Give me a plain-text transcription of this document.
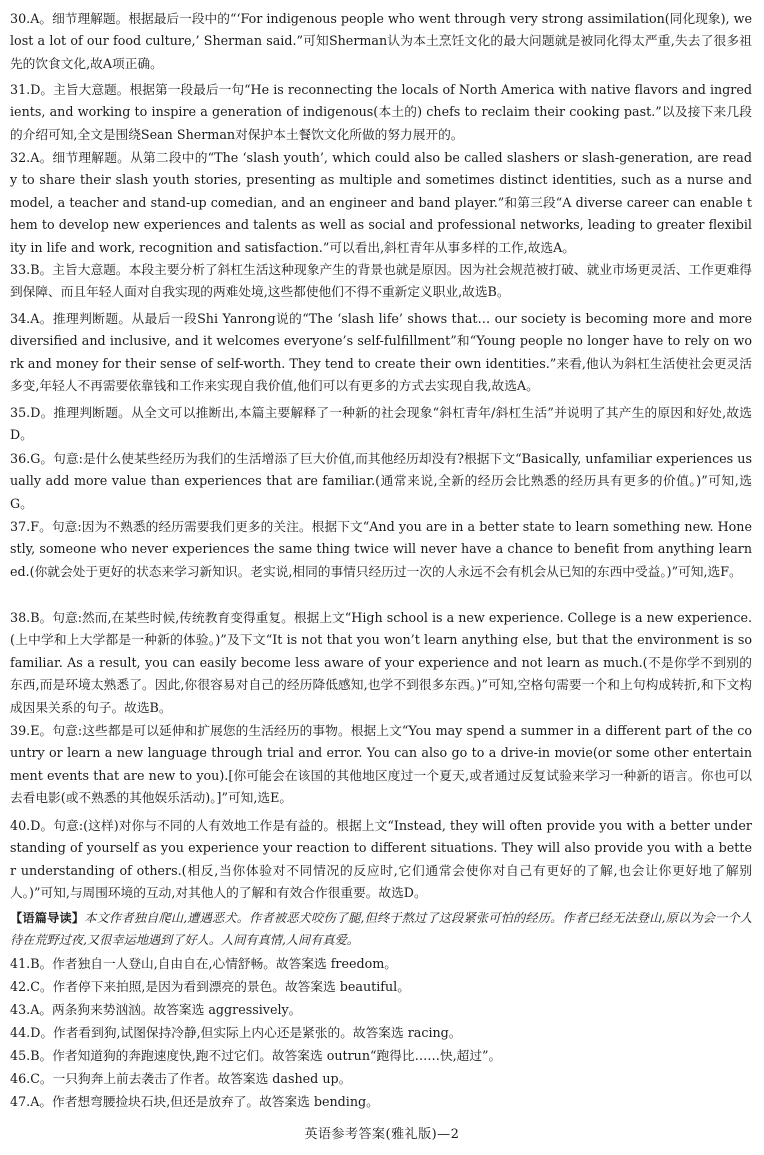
30.A。细节理解题。根据最后一段中的“‘For indigenous people who went through very strong assimilation(同化现象), we lost a lot of our food culture,’ Sherman said.”可知Sherman认为本土烹饪文化的最大问题就是被同化得太严重,失去了很多祖先的饮食文化,故A项正确。
31.D。主旨大意题。根据第一段最后一句“He is reconnecting the locals of North America with native flavors and ingredients, and working to inspire a generation of indigenous(本土的) chefs to reclaim their cooking past.”以及接下来几段的介绍可知,全文是围绕Sean Sherman对保护本土餐饮文化所做的努力展开的。
32.A。细节理解题。从第二段中的“The ‘slash youth’, which could also be called slashers or slash-generation, are ready to share their slash youth stories, presenting as multiple and sometimes distinct identities, such as a nurse and model, a teacher and stand-up comedian, and an engineer and band player.”和第三段“A diverse career can enable them to develop new experiences and talents as well as social and professional networks, leading to greater flexibility in life and work, recognition and satisfaction.”可以看出,斜杠青年从事多样的工作,故选A。
33.B。主旨大意题。本段主要分析了斜杠生活这种现象产生的背景也就是原因。因为社会规范被打破、就业市场更灵活、工作更难得到保障、而且年轻人面对自我实现的两难处境,这些都使他们不得不重新定义职业,故选B。
34.A。推理判断题。从最后一段Shi Yanrong说的“The ‘slash life’ shows that… our society is becoming more and more diversified and inclusive, and it welcomes everyone’s self-fulfillment”和“Young people no longer have to rely on work and money for their sense of self-worth. They tend to create their own identities.”来看,他认为斜杠生活使社会更灵活多变,年轻人不再需要依靠钱和工作来实现自我价值,他们可以有更多的方式去实现自我,故选A。
35.D。推理判断题。从全文可以推断出,本篇主要解释了一种新的社会现象“斜杠青年/斜杠生活”并说明了其产生的原因和好处,故选D。
36.G。句意:是什么使某些经历为我们的生活增添了巨大价值,而其他经历却没有?根据下文“Basically, unfamiliar experiences usually add more value than experiences that are familiar.(通常来说,全新的经历会比熟悉的经历具有更多的价值。)”可知,选G。
37.F。句意:因为不熟悉的经历需要我们更多的关注。根据下文“And you are in a better state to learn something new. Honestly, someone who never experiences the same thing twice will never have a chance to benefit from anything learned.(你就会处于更好的状态来学习新知识。老实说,相同的事情只经历过一次的人永远不会有机会从已知的东西中受益。)”可知,选F。
38.B。句意:然而,在某些时候,传统教育变得重复。根据上文“High school is a new experience. College is a new experience.(上中学和上大学都是一种新的体验。)”及下文“It is not that you won’t learn anything else, but that the environment is so familiar. As a result, you can easily become less aware of your experience and not learn as much.(不是你学不到别的东西,而是环境太熟悉了。因此,你很容易对自己的经历降低感知,也学不到很多东西。)”可知,空格句需要一个和上句构成转折,和下文构成因果关系的句子。故选B。
39.E。句意:这些都是可以延伸和扩展您的生活经历的事物。根据上文“You may spend a summer in a different part of the country or learn a new language through trial and error. You can also go to a drive-in movie(or some other entertainment events that are new to you).[你可能会在该国的其他地区度过一个夏天,或者通过反复试验来学习一种新的语言。你也可以去看电影(或不熟悉的其他娱乐活动)。]”可知,选E。
40.D。句意:(这样)对你与不同的人有效地工作是有益的。根据上文“Instead, they will often provide you with a better understanding of yourself as you experience your reaction to different situations. They will also provide you with a better understanding of others.(相反,当你体验对不同情况的反应时,它们通常会使你对自己有更好的了解,也会让你更好地了解别人。)”可知,与周围环境的互动,对其他人的了解和有效合作很重要。故选D。
【语篇导读】本文作者独自爬山,遭遇恶犬。作者被恶犬咬伤了腿,但终于熬过了这段紧张可怕的经历。作者已经无法登山,原以为会一个人待在荒野过夜,又很幸运地遇到了好人。人间有真情,人间有真爱。
41.B。作者独自一人登山,自由自在,心情舒畅。故答案选 freedom。
42.C。作者停下来拍照,是因为看到漂亮的景色。故答案选 beautiful。
43.A。两条狗来势汹汹。故答案选 aggressively。
44.D。作者看到狗,试图保持冷静,但实际上内心还是紧张的。故答案选 racing。
45.B。作者知道狗的奔跑速度快,跑不过它们。故答案选 outrun“跑得比……快,超过”。
46.C。一只狗奔上前去袭击了作者。故答案选 dashed up。
47.A。作者想弯腰捡块石块,但还是放弃了。故答案选 bending。
英语参考答案(雅礼版)—2
